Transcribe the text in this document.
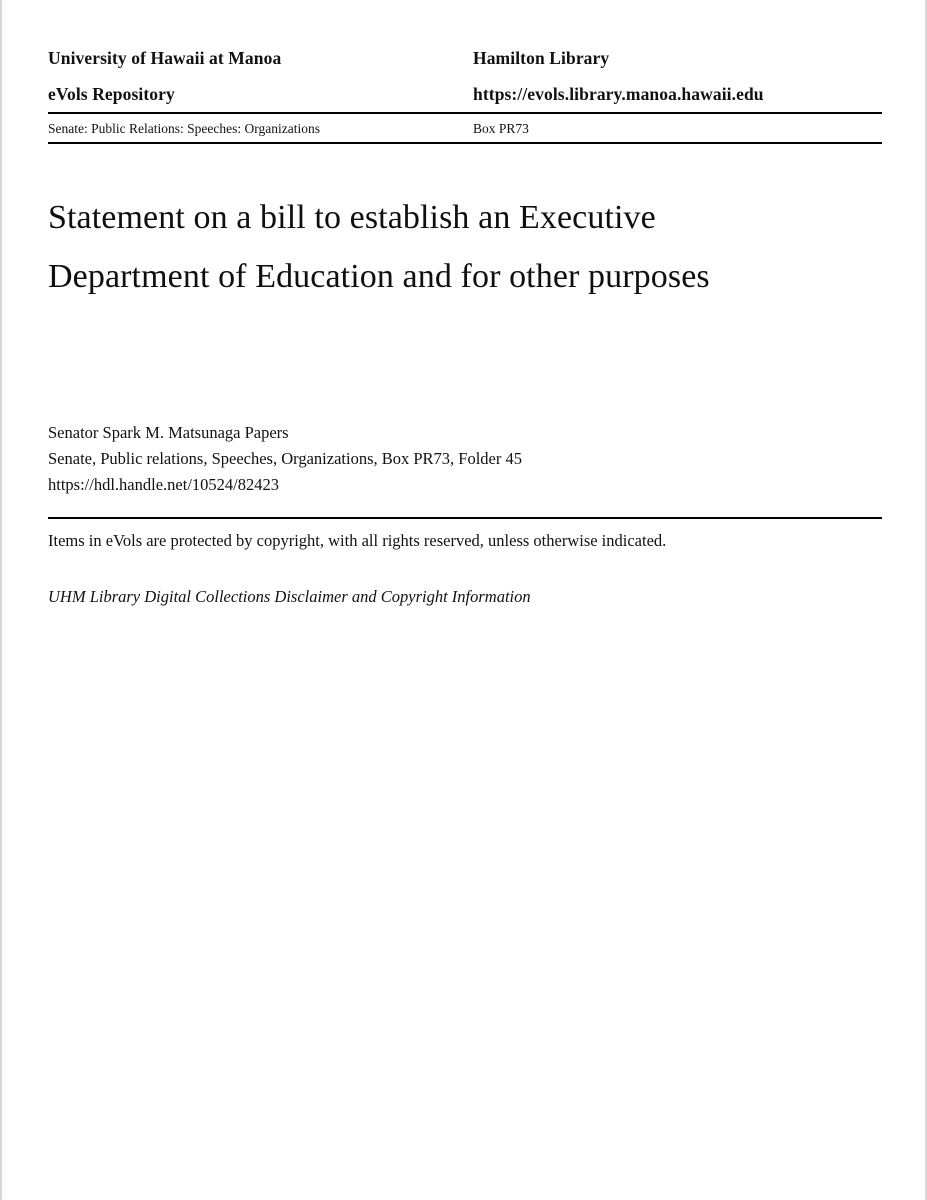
University of Hawaii at Manoa	Hamilton Library
eVols Repository	https://evols.library.manoa.hawaii.edu
Senate: Public Relations: Speeches: Organizations	Box PR73
Statement on a bill to establish an Executive Department of Education and for other purposes
Senator Spark M. Matsunaga Papers
Senate, Public relations, Speeches, Organizations, Box PR73, Folder 45
https://hdl.handle.net/10524/82423
Items in eVols are protected by copyright, with all rights reserved, unless otherwise indicated.
UHM Library Digital Collections Disclaimer and Copyright Information
